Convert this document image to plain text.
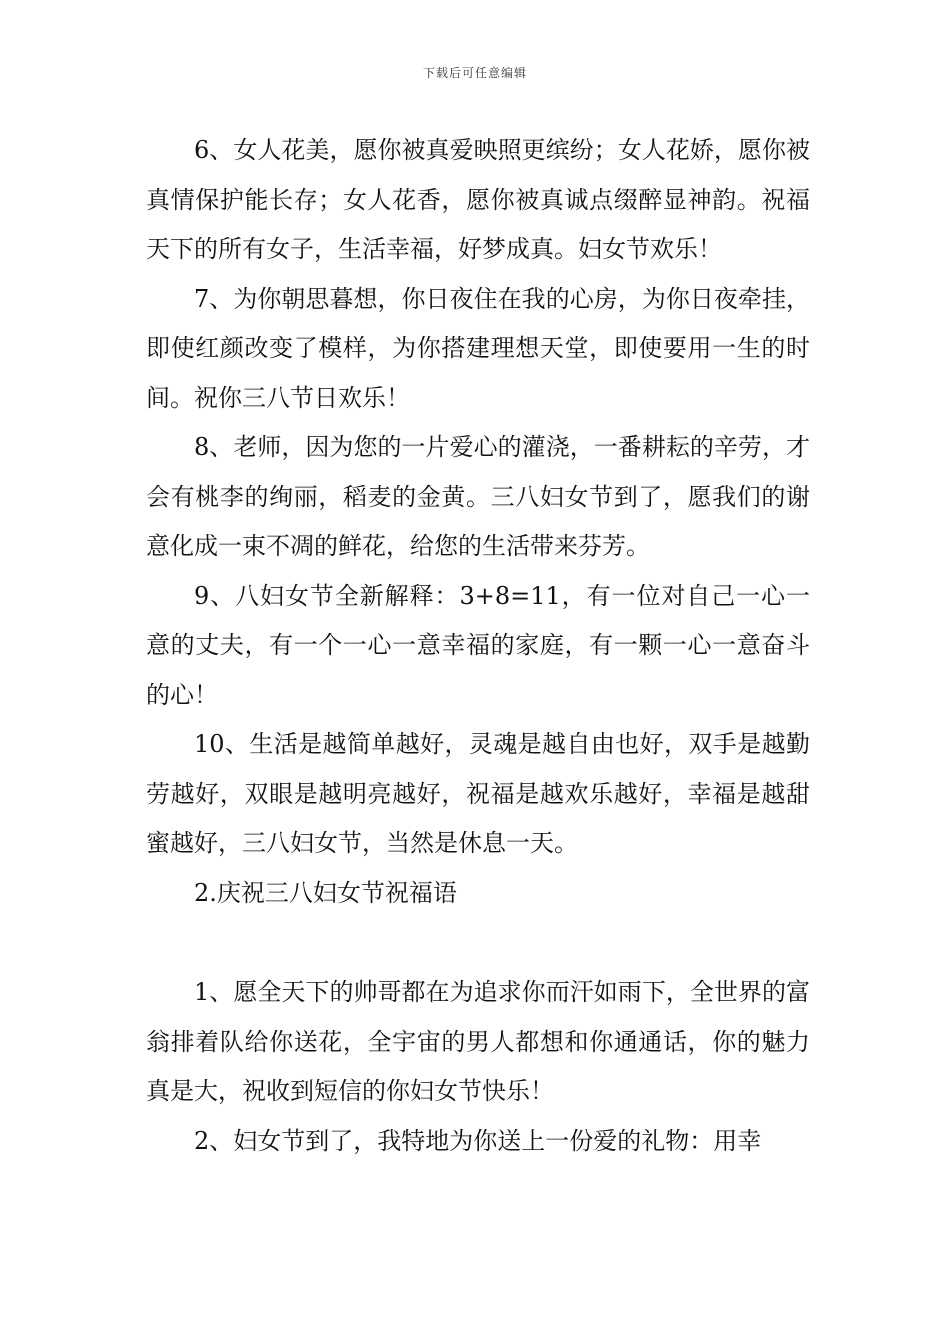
下载后可任意编辑

6、女人花美，愿你被真爱映照更缤纷；女人花娇，愿你被真情保护能长存；女人花香，愿你被真诚点缀醉显神韵。祝福天下的所有女子，生活幸福，好梦成真。妇女节欢乐！

7、为你朝思暮想，你日夜住在我的心房，为你日夜牵挂，即使红颜改变了模样，为你搭建理想天堂，即使要用一生的时间。祝你三八节日欢乐！

8、老师，因为您的一片爱心的灌浇，一番耕耘的辛劳，才会有桃李的绚丽，稻麦的金黄。三八妇女节到了，愿我们的谢意化成一束不凋的鲜花，给您的生活带来芬芳。

9、八妇女节全新解释：3+8=11，有一位对自己一心一意的丈夫，有一个一心一意幸福的家庭，有一颗一心一意奋斗的心！

10、生活是越简单越好，灵魂是越自由也好，双手是越勤劳越好，双眼是越明亮越好，祝福是越欢乐越好，幸福是越甜蜜越好，三八妇女节，当然是休息一天。

2.庆祝三八妇女节祝福语

1、愿全天下的帅哥都在为追求你而汗如雨下，全世界的富翁排着队给你送花，全宇宙的男人都想和你通通话，你的魅力真是大，祝收到短信的你妇女节快乐！

2、妇女节到了，我特地为你送上一份爱的礼物：用幸
